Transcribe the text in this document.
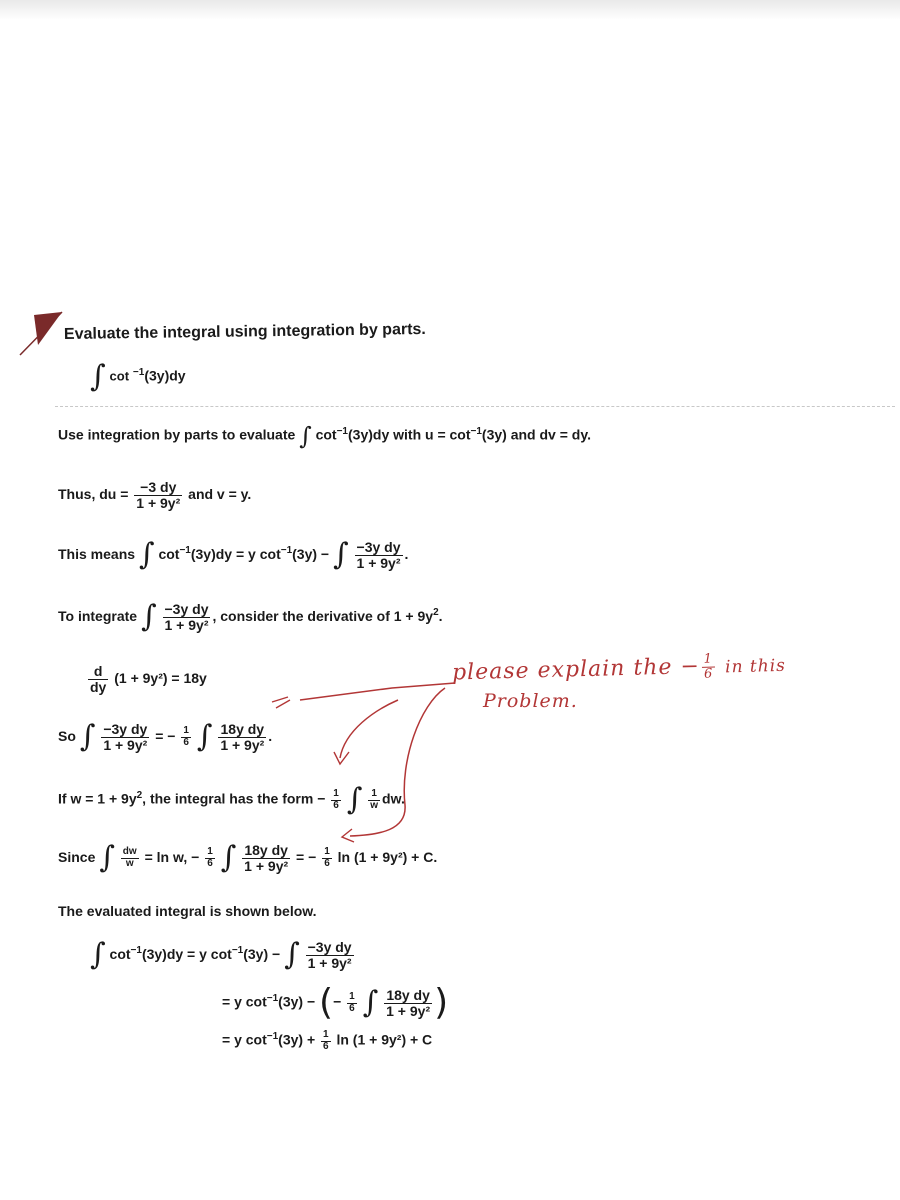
Evaluate the integral using integration by parts.
∫ cot $^{-1}$(3y)dy
Use integration by parts to evaluate ∫ $\cot^{-1}(3y)dy$ with $u = \cot^{-1}(3y)$ and dv = dy.
Thus, du = $\frac{-3 dy}{\text{1 + 9y²}}$ and v = y.
This means ∫ $\cot^{-1}(3y)dy = y$ $\cot^{-1}(3y)$ − ∫ $\frac{\text{−3y dy}}{\text{1 + 9y²}}$ .
To integrate ∫ $\frac{\text{−3y dy}}{\text{1 + 9y²}}$ , consider the derivative of $1 + 9y^2$.
$\frac{d}{dy} (1 + 9y^2) = 18y$
So ∫ $\frac{\text{−3y dy}}{\text{1 + 9y²}}$ = − $\frac{1}{6}$ ∫ $\frac{\text{18y dy}}{\text{1 + 9y²}}$ .
If $w = 1 + 9y^2$, the integral has the form − $\frac{1}{6}$ ∫ $\frac{1}{w}$ dw.
Since ∫ $\frac{dw}{w} = \ln w$, − $\frac{1}{6}$ ∫ $\frac{\text{18y dy}}{\text{1 + 9y²}}$ = − $\frac{1}{6}$ ln (1 + 9y²) + C.
The evaluated integral is shown below.
∫ $\cot^{-1}(3y)dy = y$ $\cot^{-1}(3y)$ − ∫ $\frac{\text{−3y dy}}{\text{1 + 9y²}}$
= y $\cot^{-1}(3y)$ − (− $\frac{1}{6}$ ∫ $\frac{\text{18y dy}}{\text{1 + 9y²}}$ )
= y $\cot^{-1}(3y) + \frac{1}{6}$ ln (1 + 9y²) + C
please explain the − $\frac{1}{6}$ in this
Problem.
